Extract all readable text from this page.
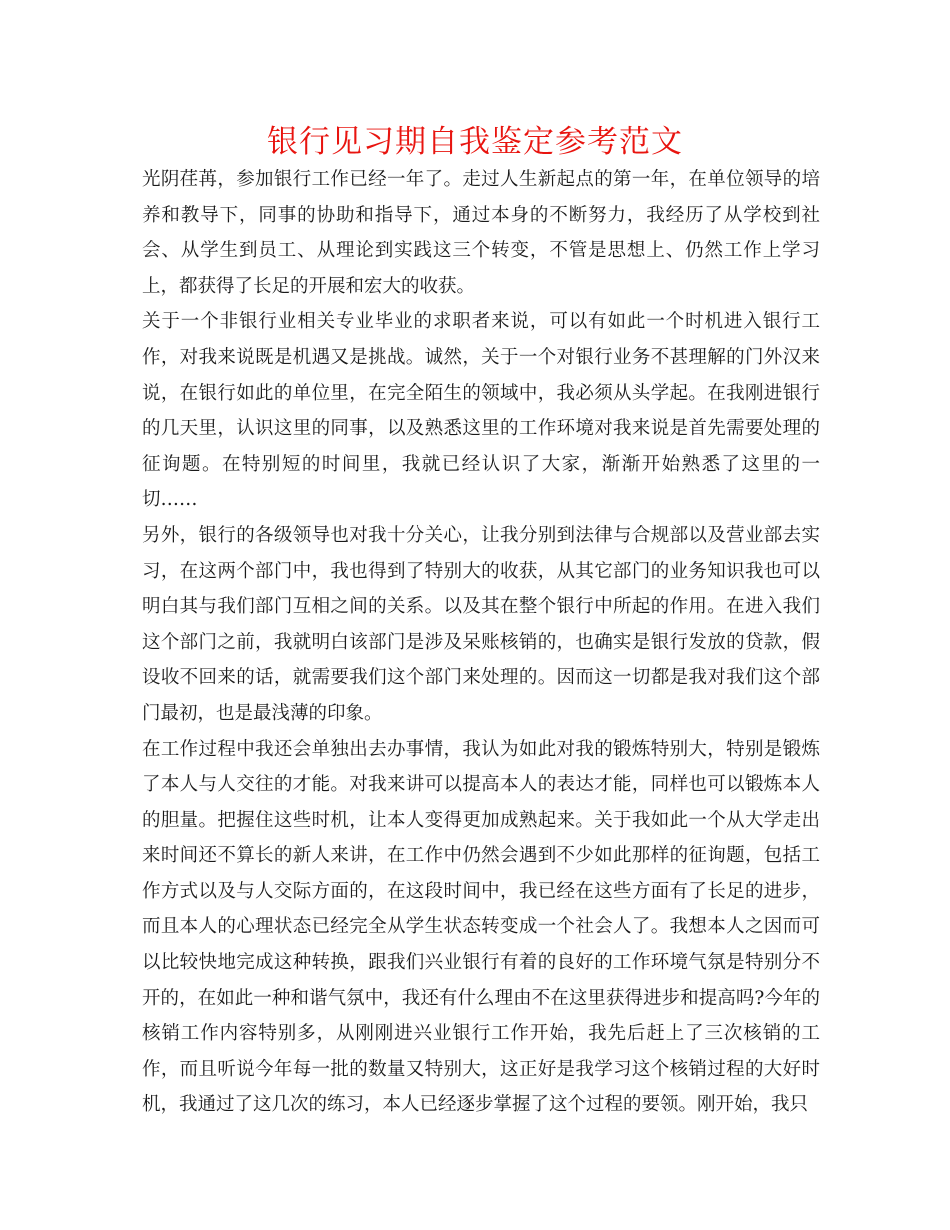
银行见习期自我鉴定参考范文

光阴荏苒，参加银行工作已经一年了。走过人生新起点的第一年，在单位领导的培养和教导下，同事的协助和指导下，通过本身的不断努力，我经历了从学校到社会、从学生到员工、从理论到实践这三个转变，不管是思想上、仍然工作上学习上，都获得了长足的开展和宏大的收获。

关于一个非银行业相关专业毕业的求职者来说，可以有如此一个时机进入银行工作，对我来说既是机遇又是挑战。诚然，关于一个对银行业务不甚理解的门外汉来说，在银行如此的单位里，在完全陌生的领域中，我必须从头学起。在我刚进银行的几天里，认识这里的同事，以及熟悉这里的工作环境对我来说是首先需要处理的征询题。在特别短的时间里，我就已经认识了大家，渐渐开始熟悉了这里的一切……

另外，银行的各级领导也对我十分关心，让我分别到法律与合规部以及营业部去实习，在这两个部门中，我也得到了特别大的收获，从其它部门的业务知识我也可以明白其与我们部门互相之间的关系。以及其在整个银行中所起的作用。在进入我们这个部门之前，我就明白该部门是涉及呆账核销的，也确实是银行发放的贷款，假设收不回来的话，就需要我们这个部门来处理的。因而这一切都是我对我们这个部门最初，也是最浅薄的印象。

在工作过程中我还会单独出去办事情，我认为如此对我的锻炼特别大，特别是锻炼了本人与人交往的才能。对我来讲可以提高本人的表达才能，同样也可以锻炼本人的胆量。把握住这些时机，让本人变得更加成熟起来。关于我如此一个从大学走出来时间还不算长的新人来讲，在工作中仍然会遇到不少如此那样的征询题，包括工作方式以及与人交际方面的，在这段时间中，我已经在这些方面有了长足的进步，而且本人的心理状态已经完全从学生状态转变成一个社会人了。我想本人之因而可以比较快地完成这种转换，跟我们兴业银行有着的良好的工作环境气氛是特别分不开的，在如此一种和谐气氛中，我还有什么理由不在这里获得进步和提高吗?今年的核销工作内容特别多，从刚刚进兴业银行工作开始，我先后赶上了三次核销的工作，而且听说今年每一批的数量又特别大，这正好是我学习这个核销过程的大好时机，我通过了这几次的练习，本人已经逐步掌握了这个过程的要领。刚开始，我只
